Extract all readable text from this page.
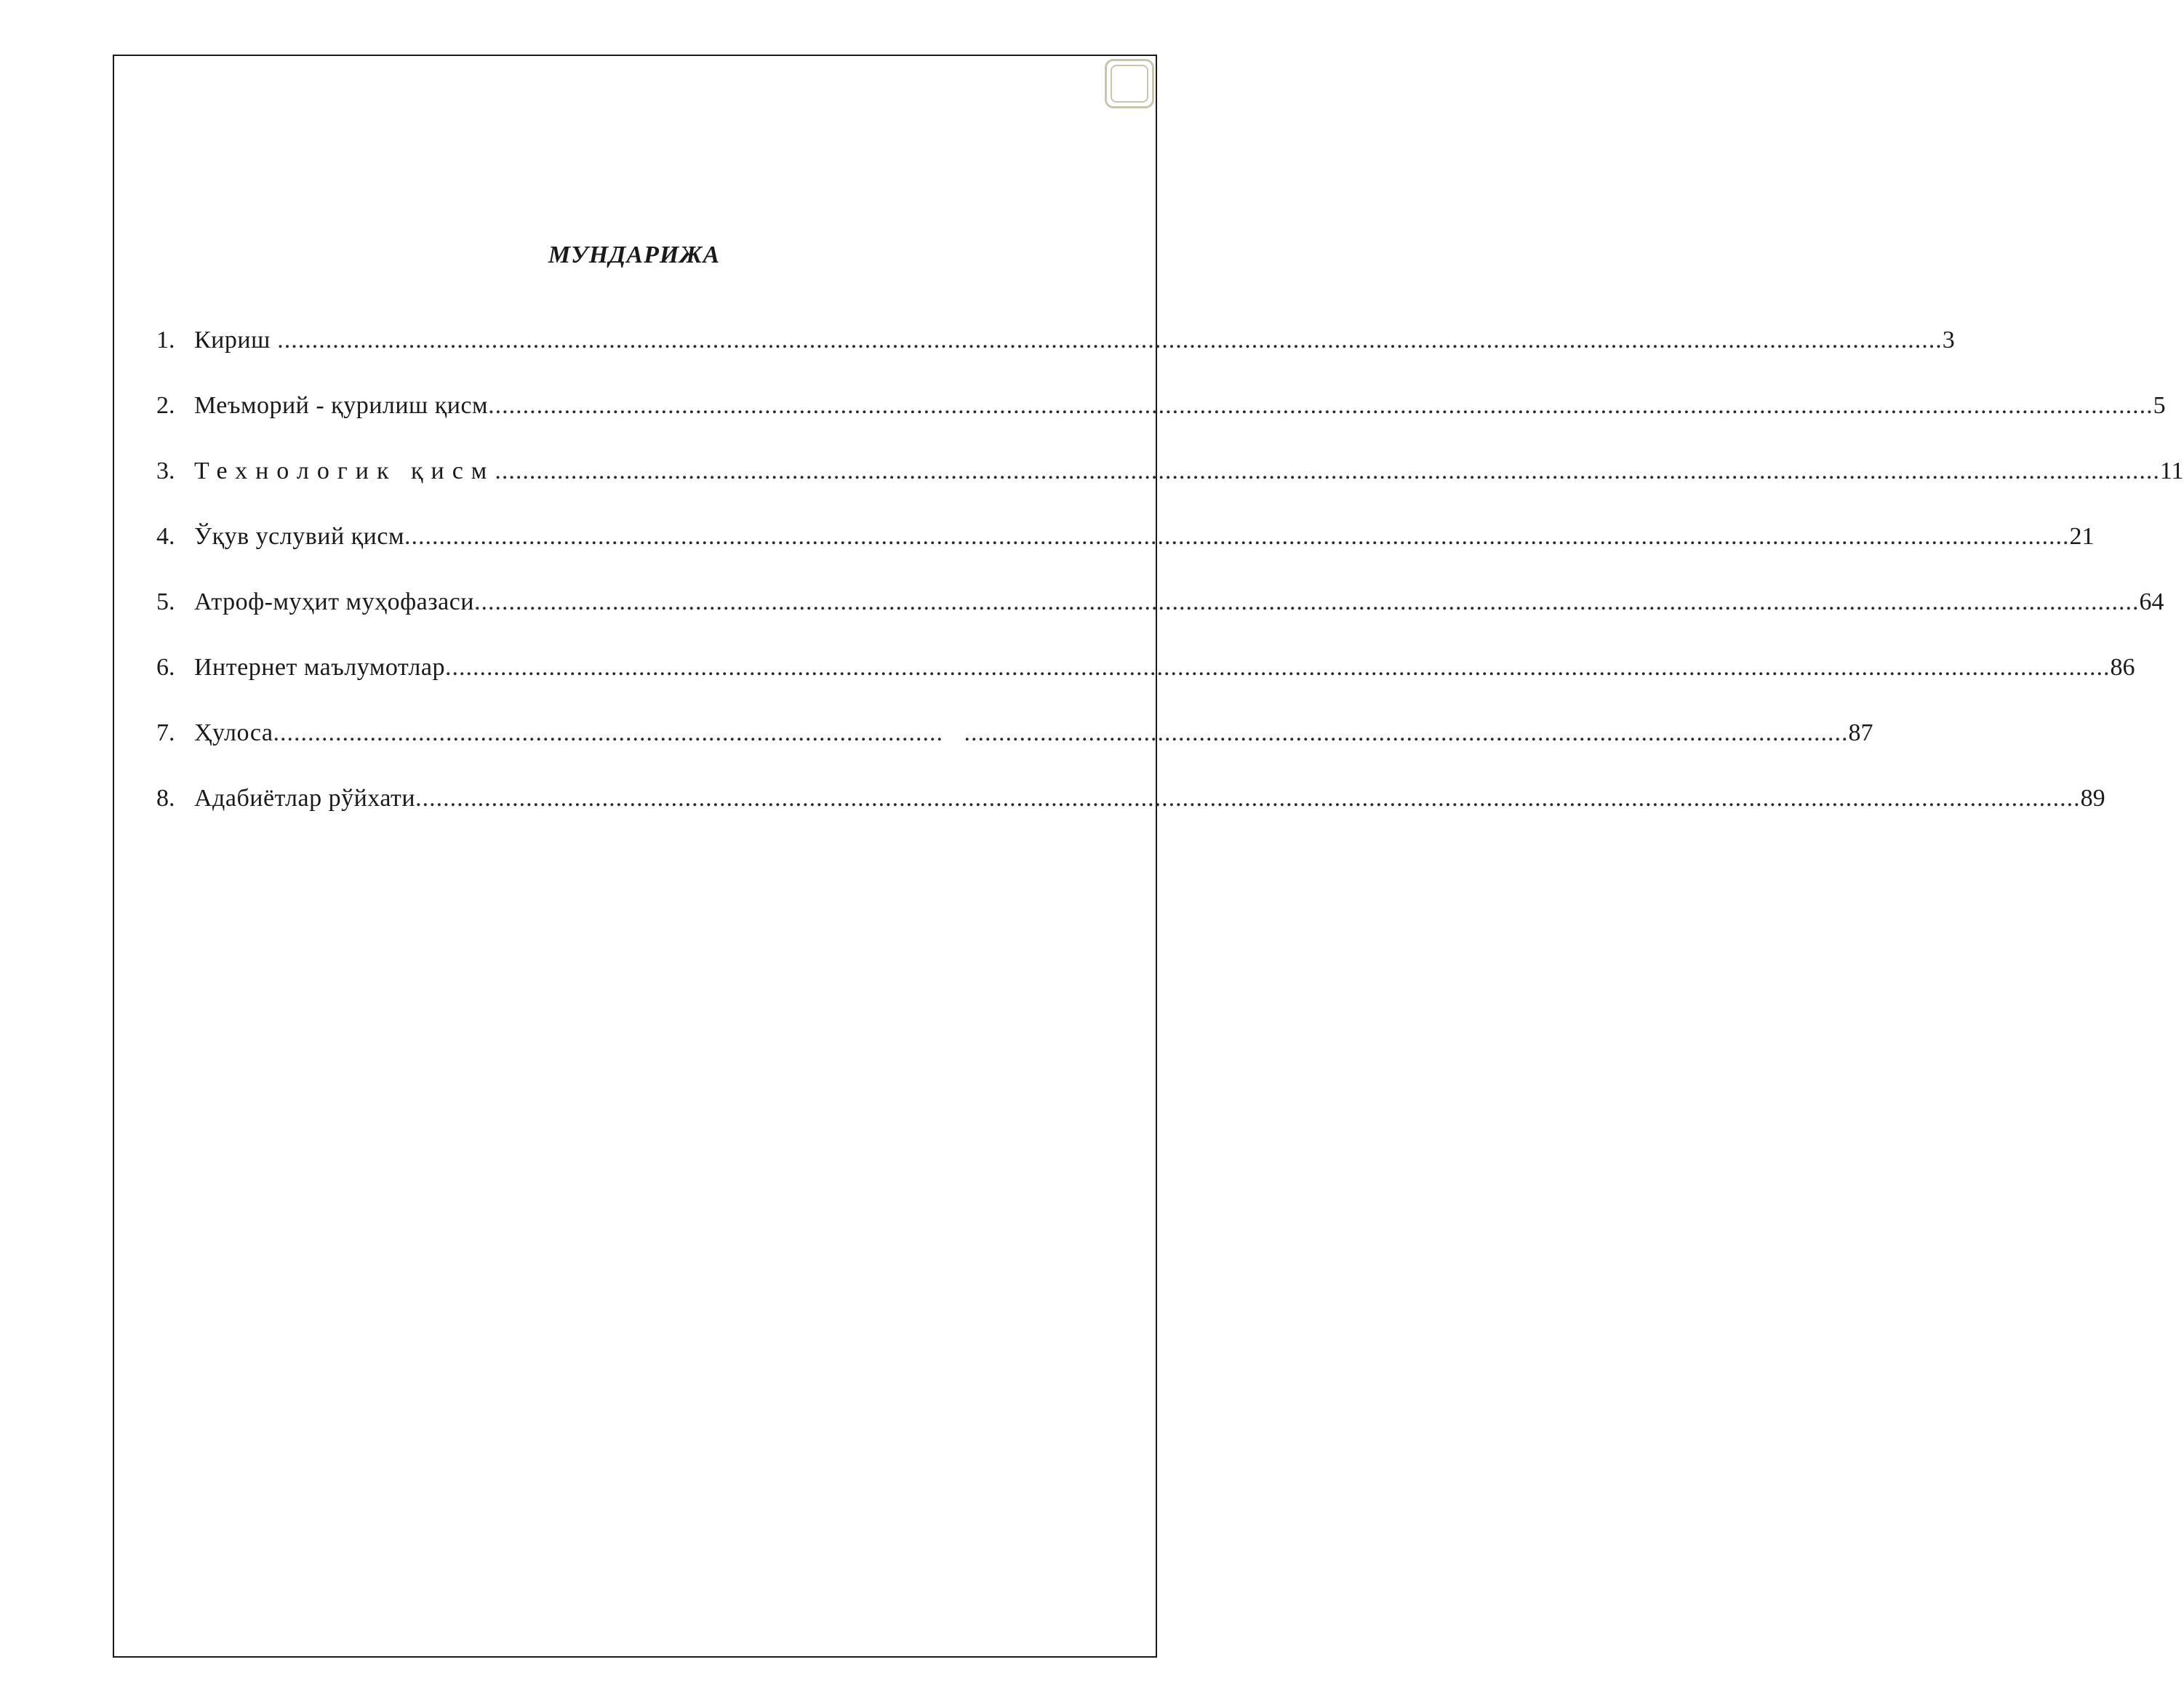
МУНДАРИЖА
1. Кириш ................................................................................................................................................................................................................................................. 3
2. Меъморий - қурилиш қисм ................................................................................................................................................................................................................................................. 5
3. Технологик қисм ................................................................................................................................................................................................................................................. 11
4. Ўқув услувий қисм ................................................................................................................................................................................................................................................. 21
5. Атроф-муҳит муҳофазаси ................................................................................................................................................................................................................................................. 64
6. Интернет маълумотлар ................................................................................................................................................................................................................................................. 86
7. Ҳулоса .................................................................................................   ................................................................................................................................ 87
8. Адабиётлар рўйхати ................................................................................................................................................................................................................................................. 89
